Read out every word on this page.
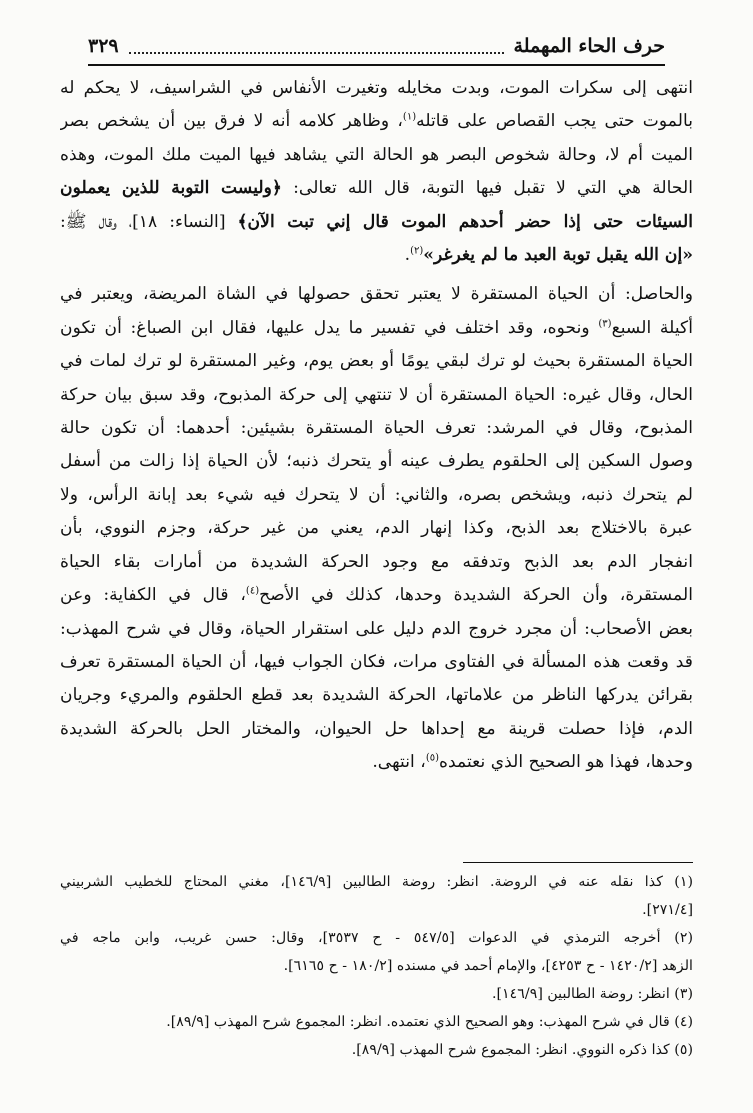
حرف الحاء المهملة
٣٢٩

انتهى إلى سكرات الموت، وبدت مخايله وتغيرت الأنفاس في الشراسيف، لا يحكم له
بالموت حتى يجب القصاص على قاتله$^{(١)}$، وظاهر كلامه أنه لا فرق بين أن يشخص بصر
الميت أم لا، وحالة شخوص البصر هو الحالة التي يشاهد فيها الميت ملك الموت، وهذه
الحالة هي التي لا تقبل فيها التوبة، قال الله تعالى: ﴿وليست التوبة للذين يعملون
السيئات حتى إذا حضر أحدهم الموت قال إني تبت الآن﴾ [النساء: ١٨]، وقال ﷺ:
«إن الله يقبل توبة العبد ما لم يغرغر»$^{(٢)}$.

والحاصل: أن الحياة المستقرة لا يعتبر تحقق حصولها في الشاة المريضة، ويعتبر في
أكيلة السبع$^{(٣)}$ ونحوه، وقد اختلف في تفسير ما يدل عليها، فقال ابن الصباغ: أن تكون
الحياة المستقرة بحيث لو ترك لبقي يومًا أو بعض يوم، وغير المستقرة لو ترك لمات في
الحال، وقال غيره: الحياة المستقرة أن لا تنتهي إلى حركة المذبوح، وقد سبق بيان حركة
المذبوح، وقال في المرشد: تعرف الحياة المستقرة بشيئين: أحدهما: أن تكون حالة
وصول السكين إلى الحلقوم يطرف عينه أو يتحرك ذنبه؛ لأن الحياة إذا زالت من أسفل
لم يتحرك ذنبه، ويشخص بصره، والثاني: أن لا يتحرك فيه شيء بعد إبانة الرأس، ولا
عبرة بالاختلاج بعد الذبح، وكذا إنهار الدم، يعني من غير حركة، وجزم النووي، بأن
انفجار الدم بعد الذبح وتدفقه مع وجود الحركة الشديدة من أمارات بقاء الحياة
المستقرة، وأن الحركة الشديدة وحدها، كذلك في الأصح$^{(٤)}$، قال في الكفاية: وعن
بعض الأصحاب: أن مجرد خروج الدم دليل على استقرار الحياة، وقال في شرح المهذب:
قد وقعت هذه المسألة في الفتاوى مرات، فكان الجواب فيها، أن الحياة المستقرة تعرف
بقرائن يدركها الناظر من علاماتها، الحركة الشديدة بعد قطع الحلقوم والمريء وجريان
الدم، فإذا حصلت قرينة مع إحداها حل الحيوان، والمختار الحل بالحركة الشديدة
وحدها، فهذا هو الصحيح الذي نعتمده$^{(٥)}$، انتهى.

(١) كذا نقله عنه في الروضة. انظر: روضة الطالبين [١٤٦/٩]، مغني المحتاج للخطيب الشربيني
[٢٧١/٤].
(٢) أخرجه الترمذي في الدعوات [٥٤٧/٥ - ح ٣٥٣٧]، وقال: حسن غريب، وابن ماجه في
الزهد [١٤٢٠/٢ - ح ٤٢٥٣]، والإمام أحمد في مسنده [١٨٠/٢ - ح ٦١٦٥].
(٣) انظر: روضة الطالبين [١٤٦/٩].
(٤) قال في شرح المهذب: وهو الصحيح الذي نعتمده. انظر: المجموع شرح المهذب [٨٩/٩].
(٥) كذا ذكره النووي. انظر: المجموع شرح المهذب [٨٩/٩].
